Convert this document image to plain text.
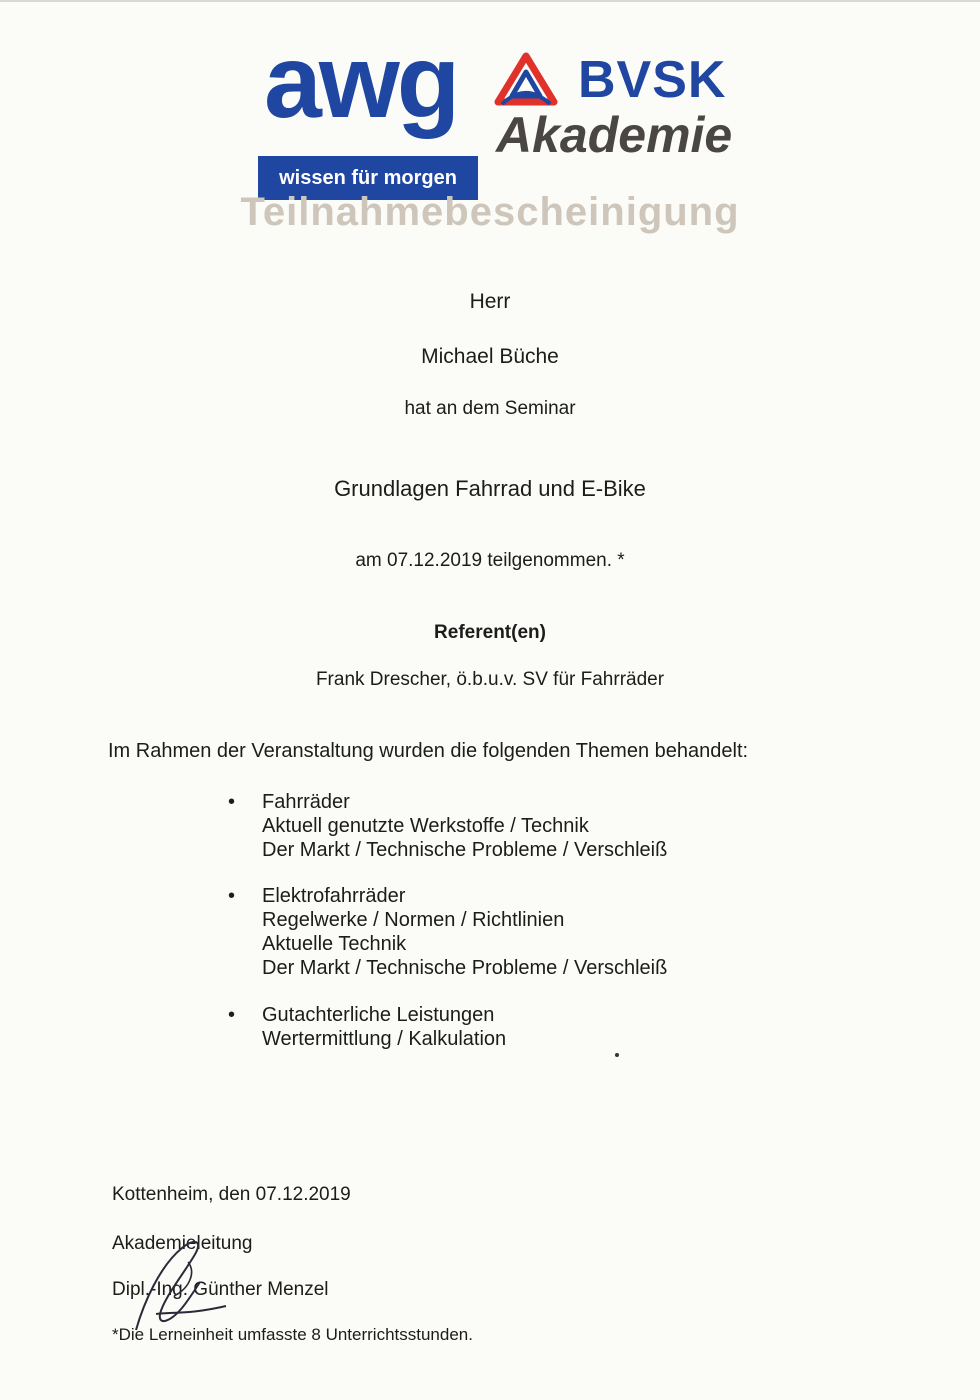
awg
wissen für morgen
BVSK
Akademie
Teilnahmebescheinigung
Herr
Michael Büche
hat an dem Seminar
Grundlagen Fahrrad und E-Bike
am 07.12.2019 teilgenommen. *
Referent(en)
Frank Drescher, ö.b.u.v. SV für Fahrräder
Im Rahmen der Veranstaltung wurden die folgenden Themen behandelt:
•	Fahrräder
Aktuell genutzte Werkstoffe / Technik
Der Markt / Technische Probleme / Verschleiß
•	Elektrofahrräder
Regelwerke / Normen / Richtlinien
Aktuelle Technik
Der Markt / Technische Probleme / Verschleiß
•	Gutachterliche Leistungen
Wertermittlung / Kalkulation
Kottenheim, den 07.12.2019
Akademieleitung
Dipl.-Ing. Günther Menzel
*Die Lerneinheit umfasste 8 Unterrichtsstunden.
